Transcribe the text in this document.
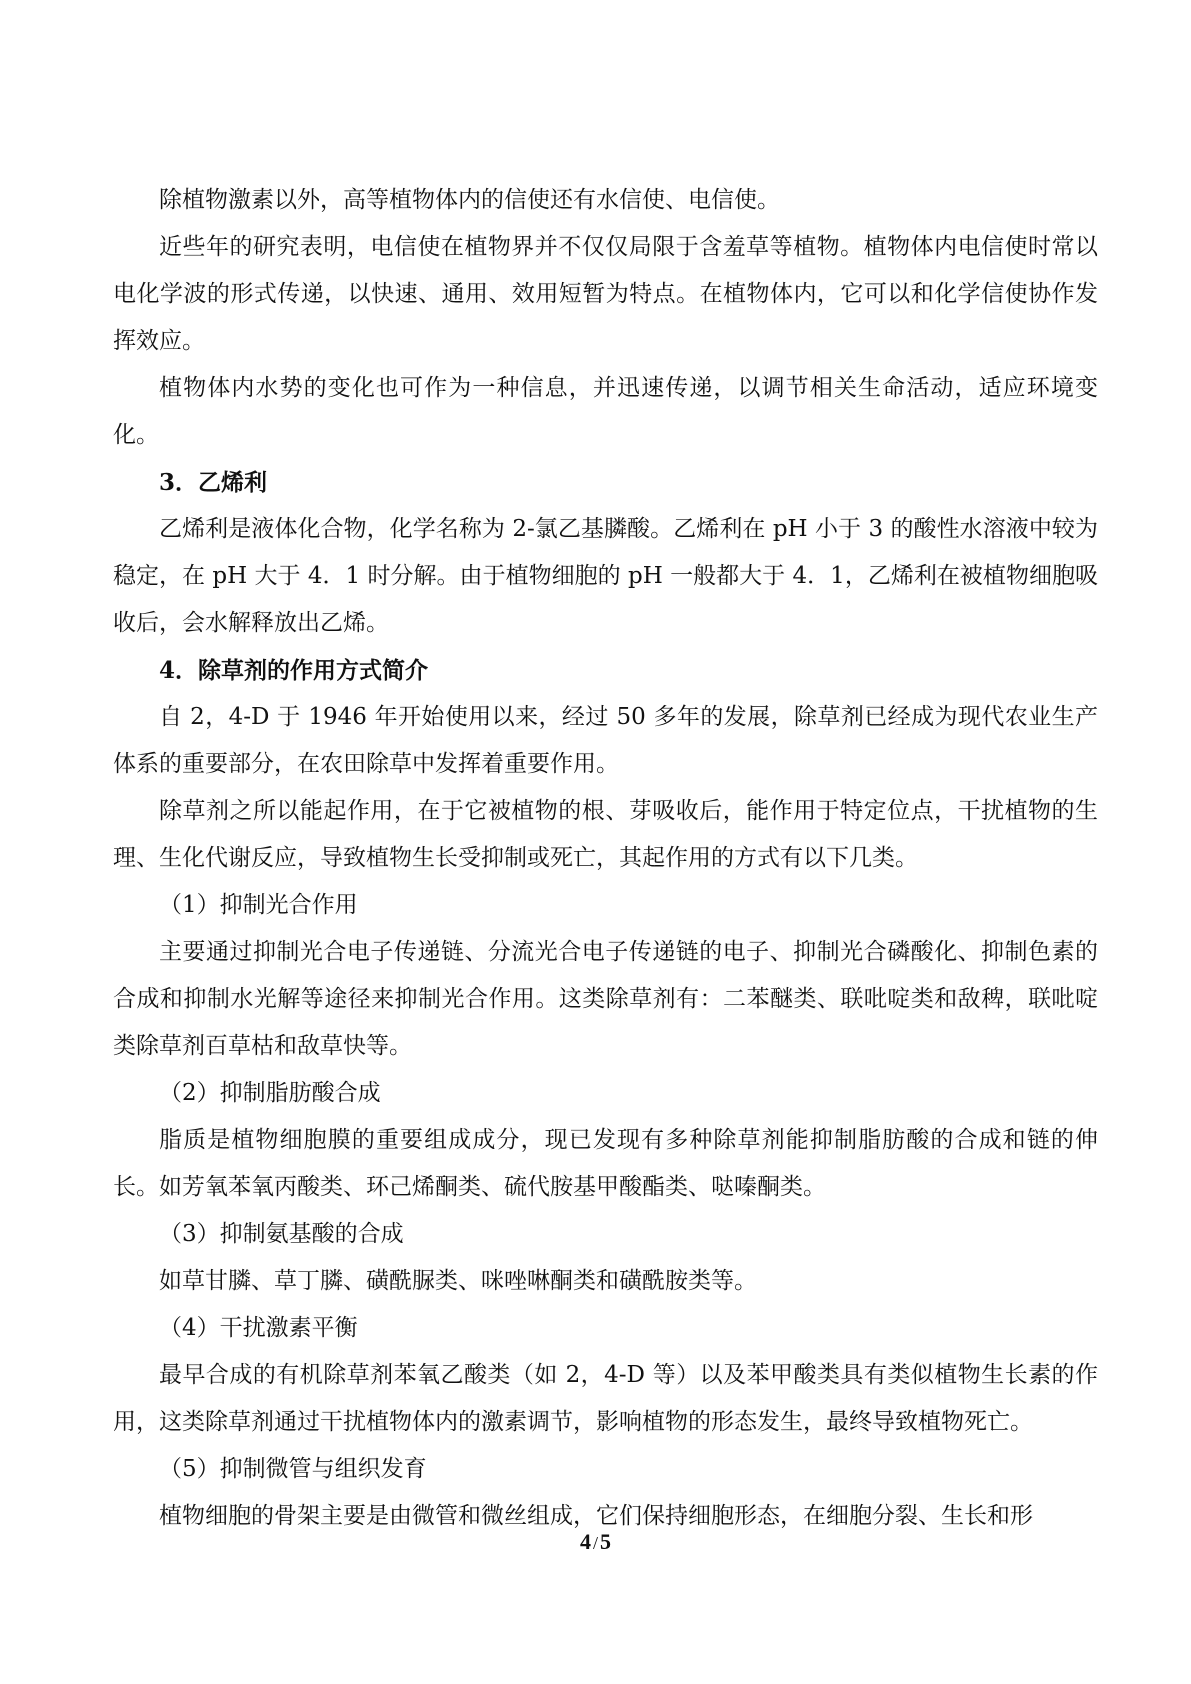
除植物激素以外，高等植物体内的信使还有水信使、电信使。

近些年的研究表明，电信使在植物界并不仅仅局限于含羞草等植物。植物体内电信使时常以电化学波的形式传递，以快速、通用、效用短暂为特点。在植物体内，它可以和化学信使协作发挥效应。

植物体内水势的变化也可作为一种信息，并迅速传递，以调节相关生命活动，适应环境变化。

3．乙烯利

乙烯利是液体化合物，化学名称为 2-氯乙基膦酸。乙烯利在 pH 小于 3 的酸性水溶液中较为稳定，在 pH 大于 4．1 时分解。由于植物细胞的 pH 一般都大于 4．1，乙烯利在被植物细胞吸收后，会水解释放出乙烯。

4．除草剂的作用方式简介

自 2，4-D 于 1946 年开始使用以来，经过 50 多年的发展，除草剂已经成为现代农业生产体系的重要部分，在农田除草中发挥着重要作用。

除草剂之所以能起作用，在于它被植物的根、芽吸收后，能作用于特定位点，干扰植物的生理、生化代谢反应，导致植物生长受抑制或死亡，其起作用的方式有以下几类。

（1）抑制光合作用

主要通过抑制光合电子传递链、分流光合电子传递链的电子、抑制光合磷酸化、抑制色素的合成和抑制水光解等途径来抑制光合作用。这类除草剂有：二苯醚类、联吡啶类和敌稗，联吡啶类除草剂百草枯和敌草快等。

（2）抑制脂肪酸合成

脂质是植物细胞膜的重要组成成分，现已发现有多种除草剂能抑制脂肪酸的合成和链的伸长。如芳氧苯氧丙酸类、环己烯酮类、硫代胺基甲酸酯类、哒嗪酮类。

（3）抑制氨基酸的合成

如草甘膦、草丁膦、磺酰脲类、咪唑啉酮类和磺酰胺类等。

（4）干扰激素平衡

最早合成的有机除草剂苯氧乙酸类（如 2，4-D 等）以及苯甲酸类具有类似植物生长素的作用，这类除草剂通过干扰植物体内的激素调节，影响植物的形态发生，最终导致植物死亡。

（5）抑制微管与组织发育

植物细胞的骨架主要是由微管和微丝组成，它们保持细胞形态，在细胞分裂、生长和形

4 /5
